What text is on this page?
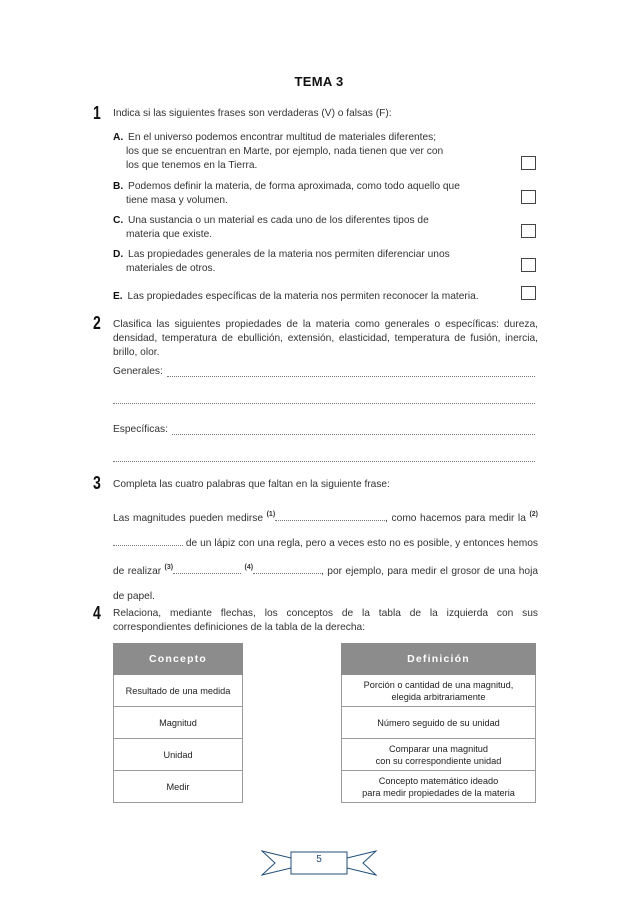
TEMA 3
1 Indica si las siguientes frases son verdaderas (V) o falsas (F):
A. En el universo podemos encontrar multitud de materiales diferentes;
los que se encuentran en Marte, por ejemplo, nada tienen que ver con
los que tenemos en la Tierra.
B. Podemos definir la materia, de forma aproximada, como todo aquello que
tiene masa y volumen.
C. Una sustancia o un material es cada uno de los diferentes tipos de
materia que existe.
D. Las propiedades generales de la materia nos permiten diferenciar unos
materiales de otros.
E. Las propiedades específicas de la materia nos permiten reconocer la materia.
2 Clasifica las siguientes propiedades de la materia como generales o específicas: dureza, densidad, temperatura de ebullición, extensión, elasticidad, temperatura de fusión, inercia, brillo, olor.
Generales:
Específicas:
3 Completa las cuatro palabras que faltan en la siguiente frase:
Las magnitudes pueden medirse $^{(1)}$	, como hacemos para medir la $^{(2)}$ de un lápiz con una regla, pero a veces esto no es posible, y entonces hemos de realizar $^{(3)}$	$^{(4)}$	, por ejemplo, para medir el grosor de una hoja de papel.
4 Relaciona, mediante flechas, los conceptos de la tabla de la izquierda con sus correspondientes definiciones de la tabla de la derecha:
Concepto
Resultado de una medida
Magnitud
Unidad
Medir
Definición
Porción o cantidad de una magnitud,
elegida arbitrariamente
Número seguido de su unidad
Comparar una magnitud
con su correspondiente unidad
Concepto matemático ideado
para medir propiedades de la materia
5
